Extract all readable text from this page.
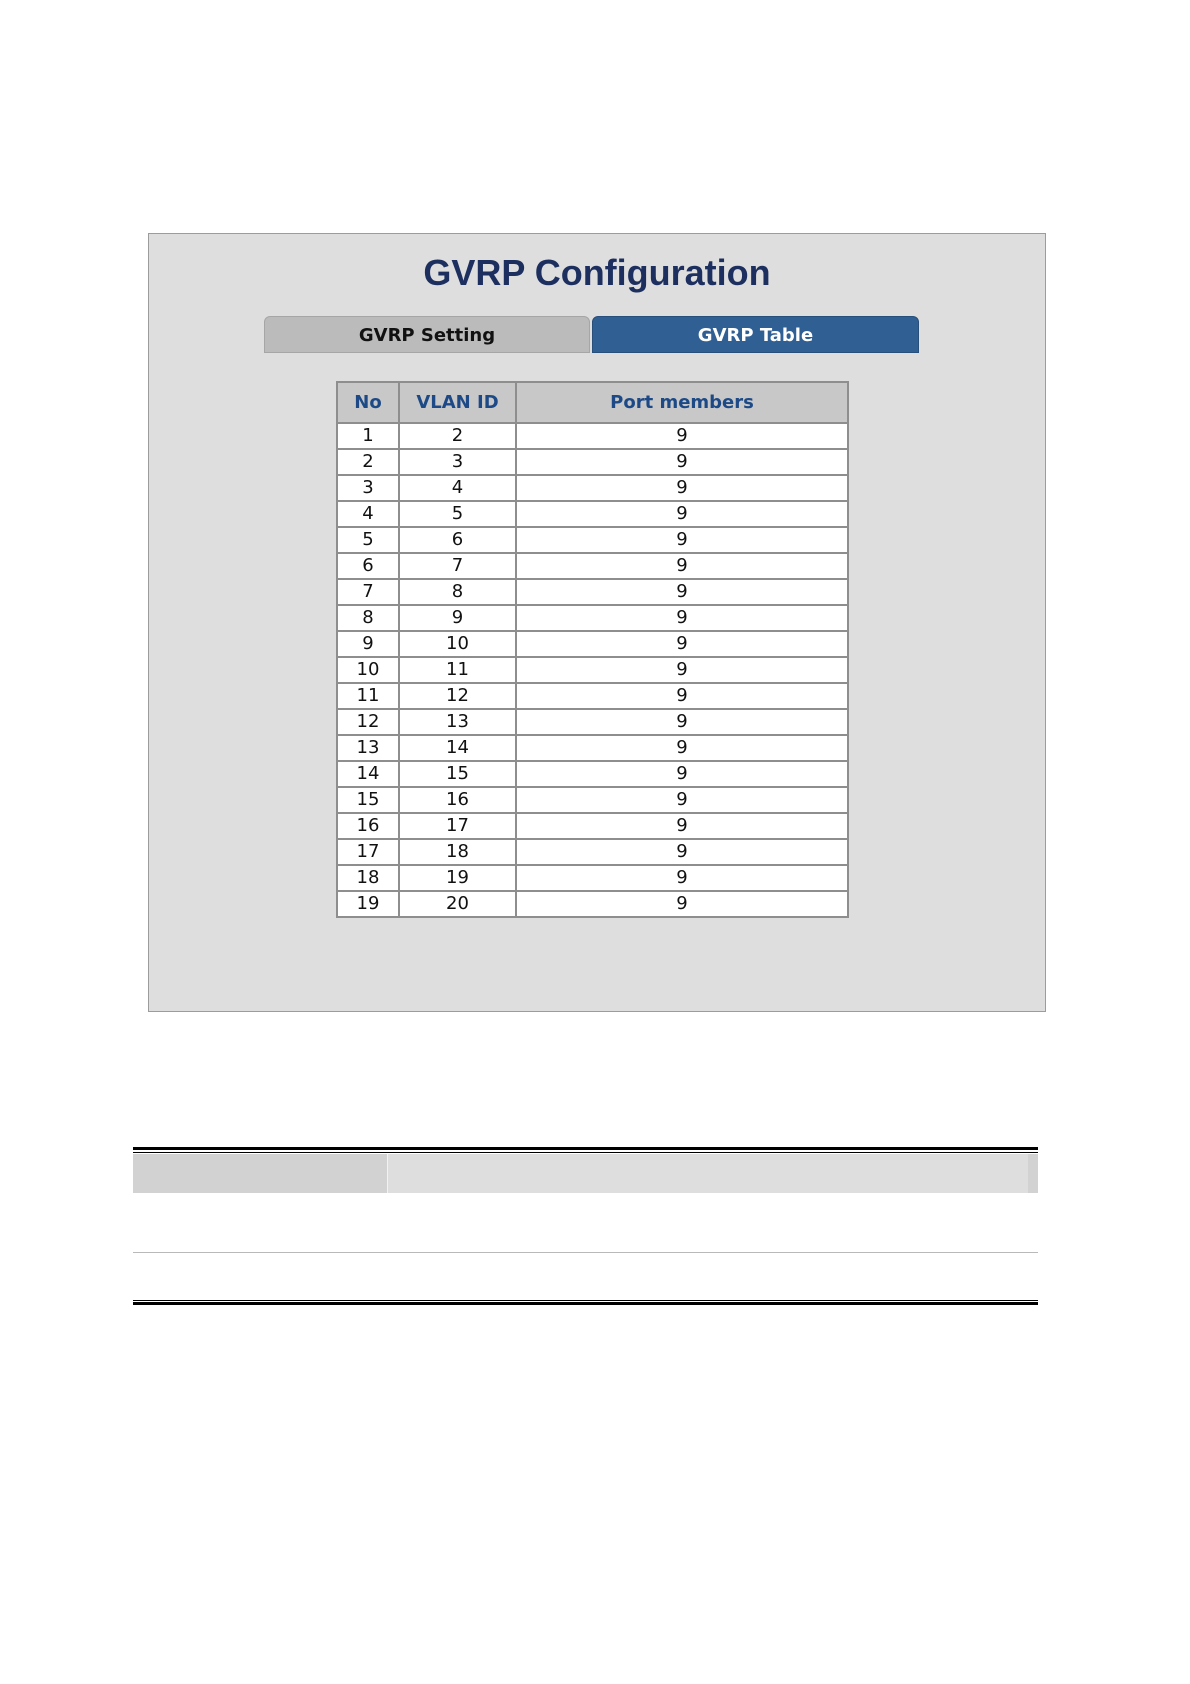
GVRP Configuration
GVRP Setting	GVRP Table
No	VLAN ID	Port members
1	2	9
2	3	9
3	4	9
4	5	9
5	6	9
6	7	9
7	8	9
8	9	9
9	10	9
10	11	9
11	12	9
12	13	9
13	14	9
14	15	9
15	16	9
16	17	9
17	18	9
18	19	9
19	20	9
